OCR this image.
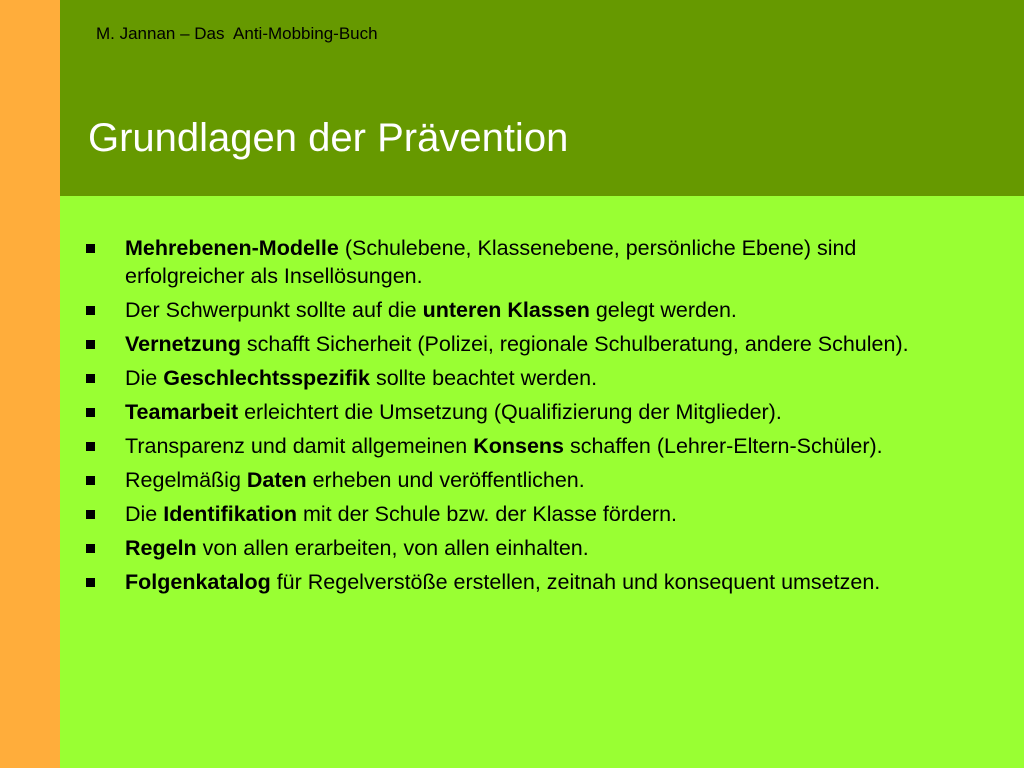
M. Jannan – Das  Anti-Mobbing-Buch
Grundlagen der Prävention
Mehrebenen-Modelle (Schulebene, Klassenebene, persönliche Ebene) sind erfolgreicher als Insellösungen.
Der Schwerpunkt sollte auf die unteren Klassen gelegt werden.
Vernetzung schafft Sicherheit (Polizei, regionale Schulberatung, andere Schulen).
Die Geschlechtsspezifik sollte beachtet werden.
Teamarbeit erleichtert die Umsetzung (Qualifizierung der Mitglieder).
Transparenz und damit allgemeinen Konsens schaffen (Lehrer-Eltern-Schüler).
Regelmäßig Daten erheben und veröffentlichen.
Die Identifikation mit der Schule bzw. der Klasse fördern.
Regeln von allen erarbeiten, von allen einhalten.
Folgenkatalog für Regelverstöße erstellen, zeitnah und konsequent umsetzen.
